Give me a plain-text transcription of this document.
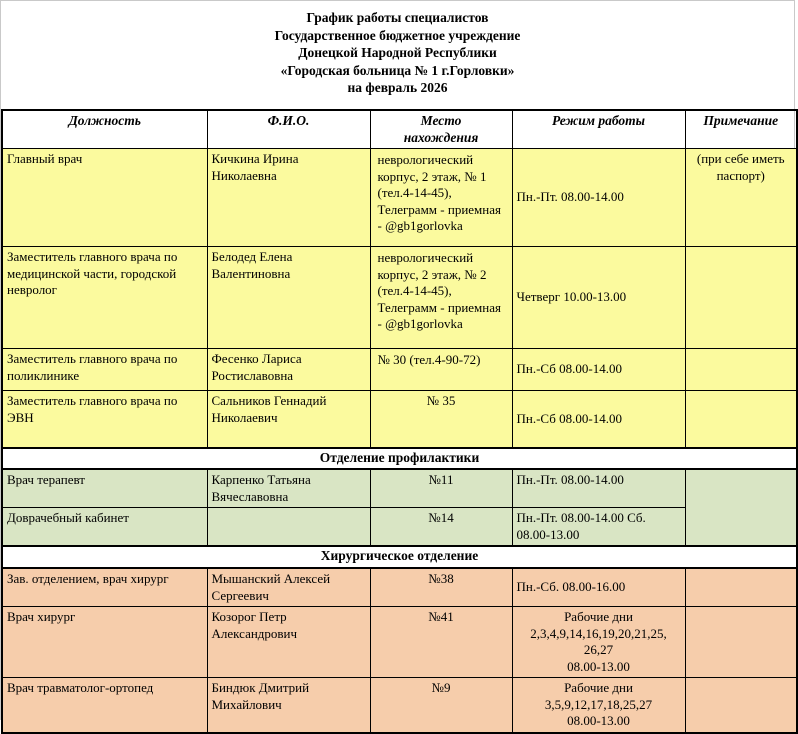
График работы специалистов
Государственное бюджетное учреждение
Донецкой Народной Республики
«Городская больница № 1 г.Горловки»
на февраль 2026
Должность	Ф.И.О.	Место нахождения	Режим работы	Примечание
Главный врач	Кичкина Ирина Николаевна	неврологический корпус, 2 этаж, № 1 (тел.4-14-45), Телеграмм - приемная - @gb1gorlovka	Пн.-Пт. 08.00-14.00	(при себе иметь паспорт)
Заместитель главного врача по медицинской части, городской невролог	Белодед Елена Валентиновна	неврологический корпус, 2 этаж, № 2 (тел.4-14-45), Телеграмм - приемная - @gb1gorlovka	Четверг 10.00-13.00	
Заместитель главного врача по поликлинике	Фесенко Лариса Ростиславовна	№ 30 (тел.4-90-72)	Пн.-Сб 08.00-14.00	
Заместитель главного врача по ЭВН	Сальников Геннадий Николаевич	№ 35	Пн.-Сб 08.00-14.00	
Отделение профилактики				
Врач терапевт	Карпенко Татьяна Вячеславовна	№11	Пн.-Пт. 08.00-14.00	
Доврачебный кабинет		№14	Пн.-Пт. 08.00-14.00 Сб. 08.00-13.00	
Хирургическое отделение				
Зав. отделением, врач хирург	Мышанский Алексей Сергеевич	№38	Пн.-Сб. 08.00-16.00	
Врач хирург	Козорог Петр Александрович	№41	Рабочие дни
2,3,4,9,14,16,19,20,21,25,
26,27
08.00-13.00	

Врач травматолог-ортопед	Биндюк Дмитрий Михайлович	№9	Рабочие дни
3,5,9,12,17,18,25,27
08.00-13.00	
